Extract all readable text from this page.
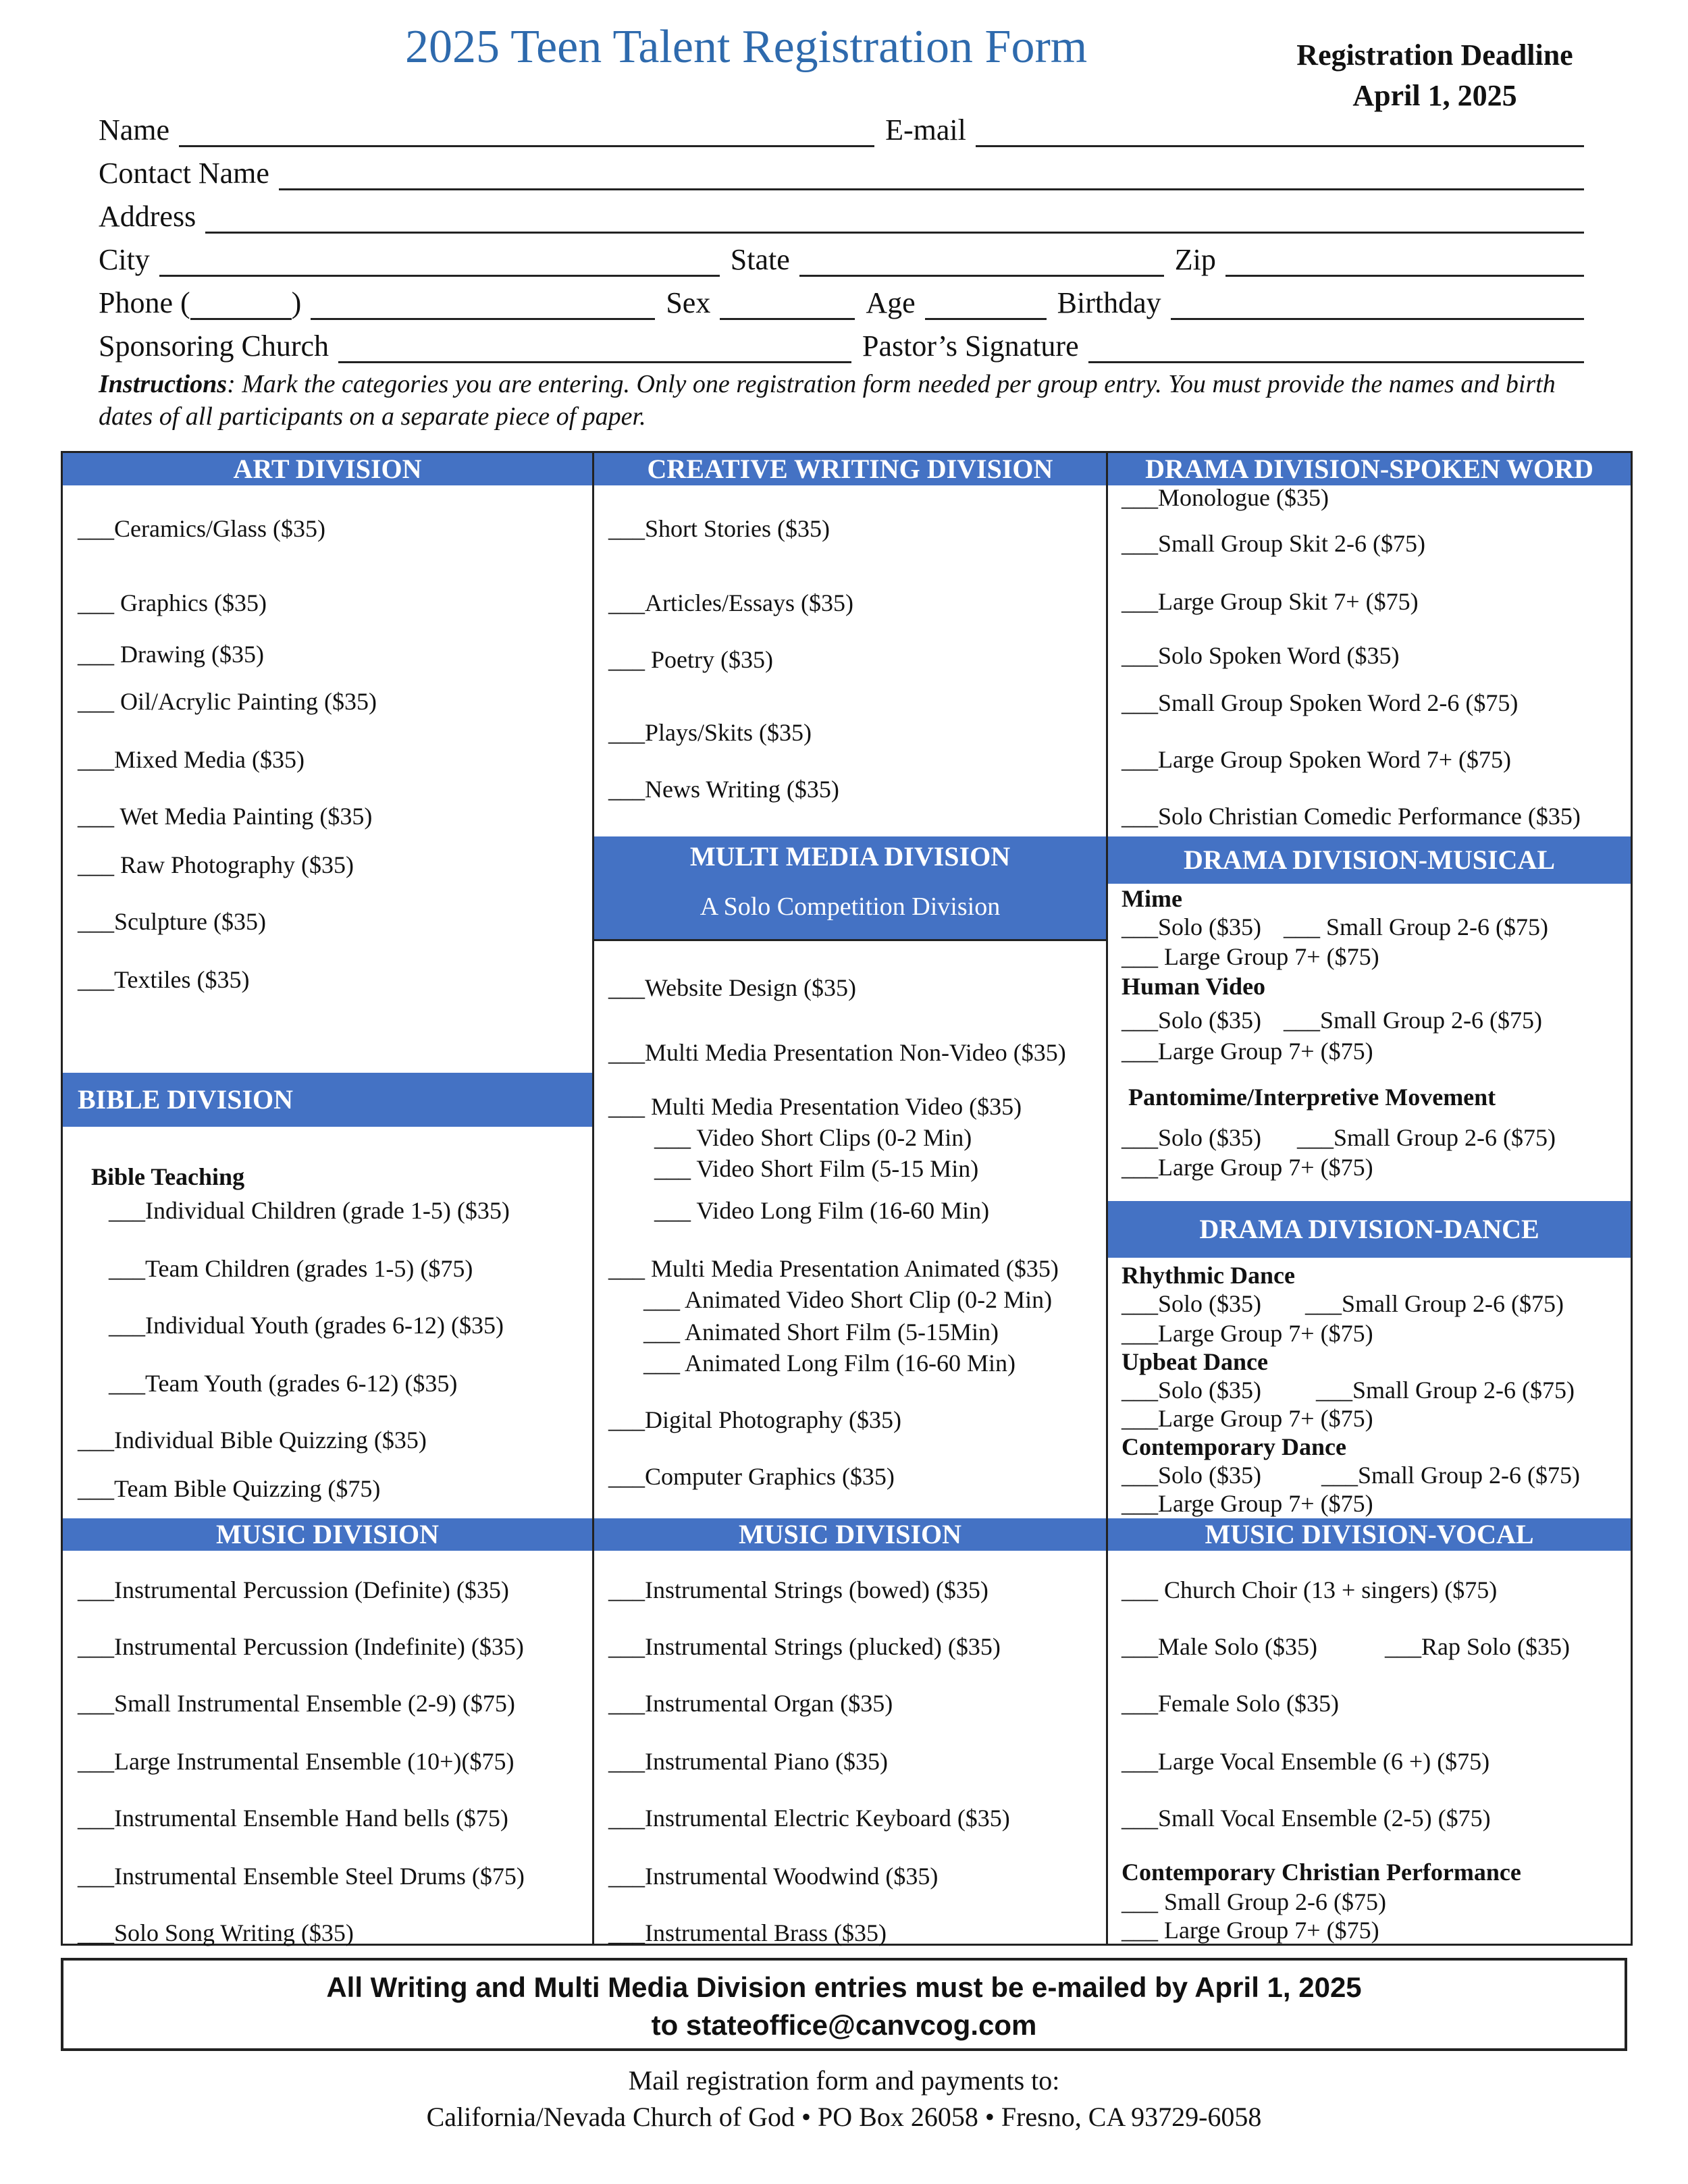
2025 Teen Talent Registration Form	Registration Deadline
April 1, 2025
Name	E-mail
Contact Name
Address
City	State	Zip
Phone (	)	Sex	Age	Birthday
Sponsoring Church	Pastor’s Signature
Instructions: Mark the categories you are entering. Only one registration form needed per group entry. You must provide the names and birth dates of all participants on a separate piece of paper.
ART DIVISION
___Ceramics/Glass ($35)
___ Graphics ($35)
___ Drawing ($35)
___ Oil/Acrylic Painting ($35)
___Mixed Media ($35)
___ Wet Media Painting ($35)
___ Raw Photography ($35)
___Sculpture ($35)
___Textiles ($35)
BIBLE DIVISION
Bible Teaching
___Individual Children (grade 1-5) ($35)
___Team Children (grades 1-5) ($75)
___Individual Youth (grades 6-12) ($35)
___Team Youth (grades 6-12) ($35)
___Individual Bible Quizzing ($35)
___Team Bible Quizzing ($75)
CREATIVE WRITING DIVISION
___Short Stories ($35)
___Articles/Essays ($35)
___ Poetry ($35)
___Plays/Skits ($35)
___News Writing ($35)
MULTI MEDIA DIVISION
A Solo Competition Division
___Website Design ($35)
___Multi Media Presentation Non-Video ($35)
___ Multi Media Presentation Video ($35)
___ Video Short Clips (0-2 Min)
___ Video Short Film (5-15 Min)
___ Video Long Film (16-60 Min)
___ Multi Media Presentation Animated ($35)
___ Animated Video Short Clip (0-2 Min)
___ Animated Short Film (5-15Min)
___ Animated Long Film (16-60 Min)
___Digital Photography ($35)
___Computer Graphics ($35)
DRAMA DIVISION-SPOKEN WORD
___Monologue ($35)
___Small Group Skit 2-6 ($75)
___Large Group Skit 7+ ($75)
___Solo Spoken Word ($35)
___Small Group Spoken Word 2-6 ($75)
___Large Group Spoken Word 7+ ($75)
___Solo Christian Comedic Performance ($35)
DRAMA DIVISION-MUSICAL
Mime
___Solo ($35) ___ Small Group 2-6 ($75)
___ Large Group 7+ ($75)
Human Video
___Solo ($35) ___Small Group 2-6 ($75)
___Large Group 7+ ($75)
Pantomime/Interpretive Movement
___Solo ($35) ___Small Group 2-6 ($75)
___Large Group 7+ ($75)
DRAMA DIVISION-DANCE
Rhythmic Dance
___Solo ($35) ___Small Group 2-6 ($75)
___Large Group 7+ ($75)
Upbeat Dance
___Solo ($35) ___Small Group 2-6 ($75)
___Large Group 7+ ($75)
Contemporary Dance
___Solo ($35) ___Small Group 2-6 ($75)
___Large Group 7+ ($75)
MUSIC DIVISION	MUSIC DIVISION	MUSIC DIVISION-VOCAL
___Instrumental Percussion (Definite) ($35)
___Instrumental Percussion (Indefinite) ($35)
___Small Instrumental Ensemble (2-9) ($75)
___Large Instrumental Ensemble (10+)($75)
___Instrumental Ensemble Hand bells ($75)
___Instrumental Ensemble Steel Drums ($75)
___Solo Song Writing ($35)
___Instrumental Strings (bowed) ($35)
___Instrumental Strings (plucked) ($35)
___Instrumental Organ ($35)
___Instrumental Piano ($35)
___Instrumental Electric Keyboard ($35)
___Instrumental Woodwind ($35)
___Instrumental Brass ($35)
___ Church Choir (13 + singers) ($75)
___Male Solo ($35)	___Rap Solo ($35)
___Female Solo ($35)
___Large Vocal Ensemble (6 +) ($75)
___Small Vocal Ensemble (2-5) ($75)
Contemporary Christian Performance
___ Small Group 2-6 ($75)
___ Large Group 7+ ($75)
All Writing and Multi Media Division entries must be e-mailed by April 1, 2025
to stateoffice@canvcog.com
Mail registration form and payments to:
California/Nevada Church of God • PO Box 26058 • Fresno, CA 93729-6058
